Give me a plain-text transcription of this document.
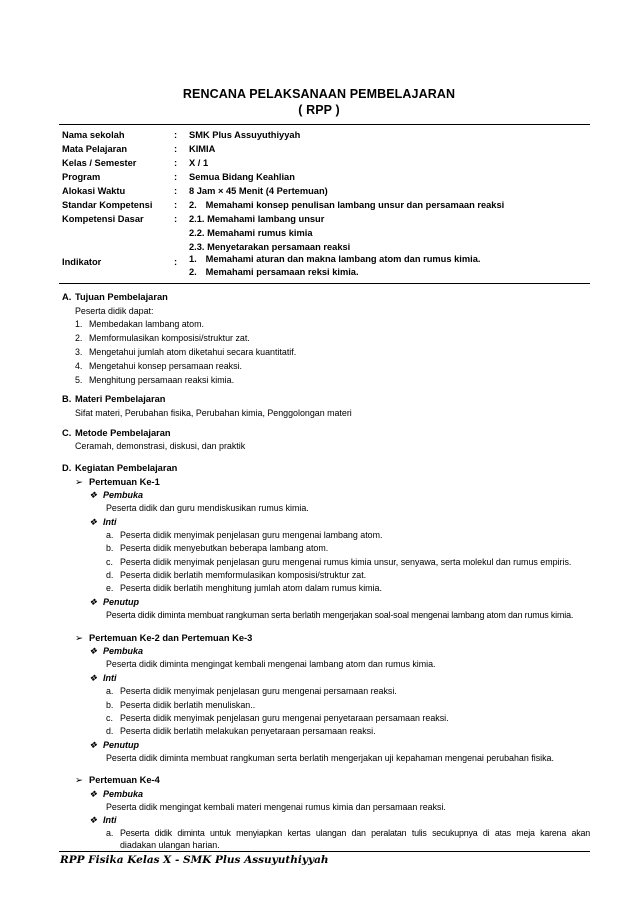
RENCANA PELAKSANAAN PEMBELAJARAN
( RPP )
Nama sekolah	: SMK Plus Assuyuthiyyah
Mata Pelajaran	: KIMIA
Kelas / Semester	: X / 1
Program	: Semua Bidang Keahlian
Alokasi Waktu	: 8 Jam × 45 Menit (4 Pertemuan)
Standar Kompetensi : 2. Memahami konsep penulisan lambang unsur dan persamaan reaksi
Kompetensi Dasar	: 2.1. Memahami lambang unsur
2.2. Memahami rumus kimia
2.3. Menyetarakan persamaan reaksi
Indikator	: 1. Memahami aturan dan makna lambang atom dan rumus kimia.
2. Memahami persamaan reksi kimia.
A. Tujuan Pembelajaran
Peserta didik dapat:
1. Membedakan lambang atom.
2. Memformulasikan komposisi/struktur zat.
3. Mengetahui jumlah atom diketahui secara kuantitatif.
4. Mengetahui konsep persamaan reaksi.
5. Menghitung persamaan reaksi kimia.
B. Materi Pembelajaran
Sifat materi, Perubahan fisika, Perubahan kimia, Penggolongan materi
C. Metode Pembelajaran
Ceramah, demonstrasi, diskusi, dan praktik
D. Kegiatan Pembelajaran
➢ Pertemuan Ke-1
❖ Pembuka
Peserta didik dan guru mendiskusikan rumus kimia.
❖ Inti
a. Peserta didik menyimak penjelasan guru mengenai lambang atom.
b. Peserta didik menyebutkan beberapa lambang atom.
c. Peserta didik menyimak penjelasan guru mengenai rumus kimia unsur, senyawa, serta molekul dan rumus empiris.
d. Peserta didik berlatih memformulasikan komposisi/struktur zat.
e. Peserta didik berlatih menghitung jumlah atom dalam rumus kimia.
❖ Penutup
Peserta didik diminta membuat rangkuman serta berlatih mengerjakan soal-soal mengenai lambang atom dan rumus kimia.
➢ Pertemuan Ke-2 dan Pertemuan Ke-3
❖ Pembuka
Peserta didik diminta mengingat kembali mengenai lambang atom dan rumus kimia.
❖ Inti
a. Peserta didik menyimak penjelasan guru mengenai persamaan reaksi.
b. Peserta didik berlatih menuliskan..
c. Peserta didik menyimak penjelasan guru mengenai penyetaraan persamaan reaksi.
d. Peserta didik berlatih melakukan penyetaraan persamaan reaksi.
❖ Penutup
Peserta didik diminta membuat rangkuman serta berlatih mengerjakan uji kepahaman mengenai perubahan fisika.
➢ Pertemuan Ke-4
❖ Pembuka
Peserta didik mengingat kembali materi mengenai rumus kimia dan persamaan reaksi.
❖ Inti
a. Peserta didik diminta untuk menyiapkan kertas ulangan dan peralatan tulis secukupnya di atas meja karena akan
diadakan ulangan harian.
RPP Fisika Kelas X - SMK Plus Assuyuthiyyah
